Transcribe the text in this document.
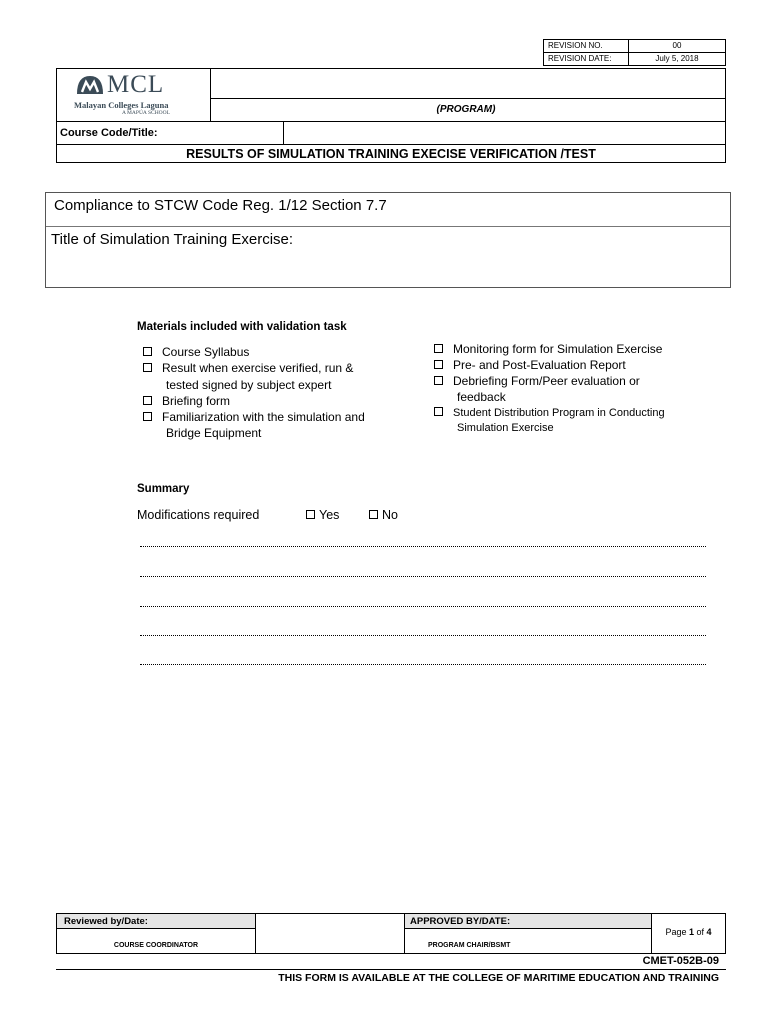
REVISION NO.	00
REVISION DATE:	July 5, 2018
MCL
Malayan Colleges Laguna
A MAPÚA SCHOOL	(PROGRAM)
Course Code/Title:
RESULTS OF SIMULATION TRAINING EXECISE VERIFICATION /TEST
Compliance to STCW Code Reg. 1/12 Section 7.7
Title of Simulation Training Exercise:
Materials included with validation task
Course Syllabus
Result when exercise verified, run &
tested signed by subject expert
Briefing form
Familiarization with the simulation and
Bridge Equipment
Monitoring form for Simulation Exercise
Pre- and Post-Evaluation Report
Debriefing Form/Peer evaluation or
feedback
Student Distribution Program in Conducting
Simulation Exercise
Summary
Modifications required	Yes	No
Reviewed by/Date:	APPROVED BY/DATE:
COURSE COORDINATOR	PROGRAM CHAIR/BSMT
Page 1 of 4
CMET-052B-09
THIS FORM IS AVAILABLE AT THE COLLEGE OF MARITIME EDUCATION AND TRAINING
